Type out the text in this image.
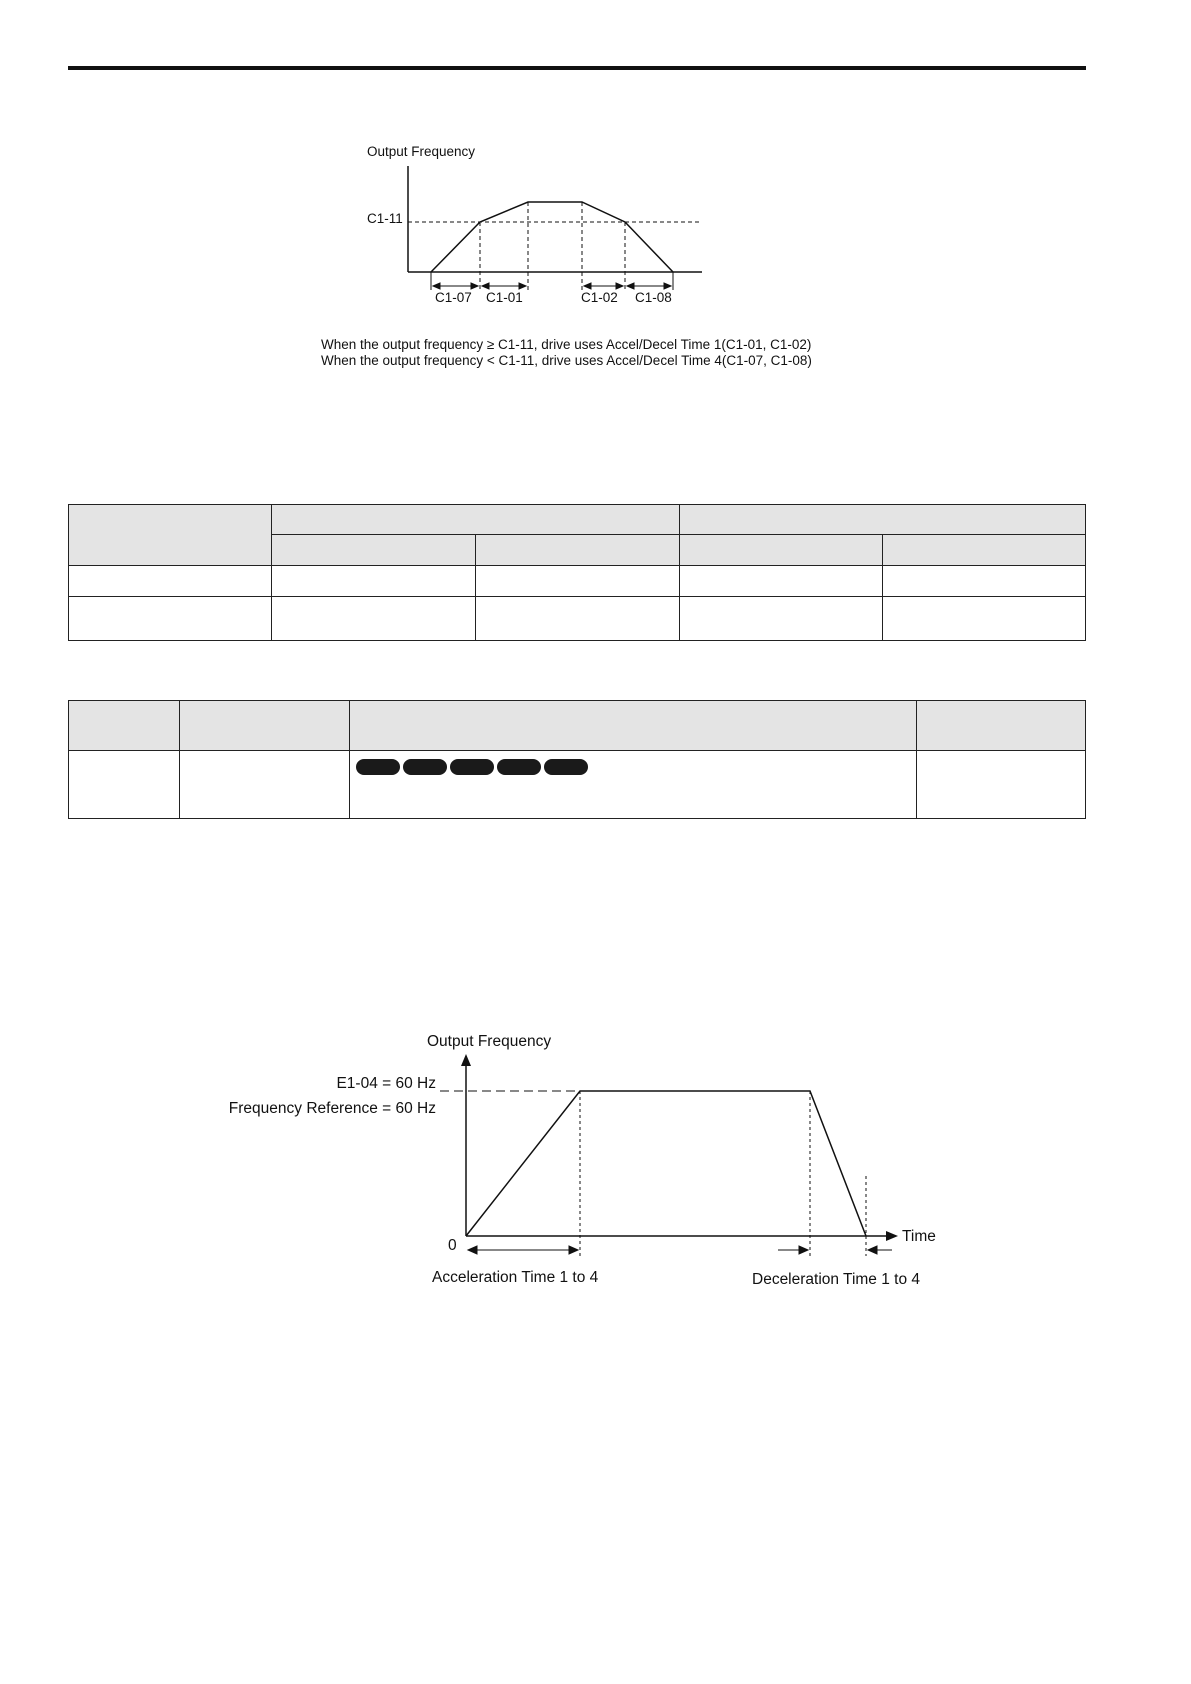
Output Frequency
C1-11
C1-07 C1-01	C1-02 C1-08
When the output frequency ≥ C1-11, drive uses Accel/Decel Time 1(C1-01, C1-02)
When the output frequency < C1-11, drive uses Accel/Decel Time 4(C1-07, C1-08)

Output Frequency
E1-04 = 60 Hz
Frequency Reference = 60 Hz
Time
0
Acceleration Time 1 to 4	Deceleration Time 1 to 4
